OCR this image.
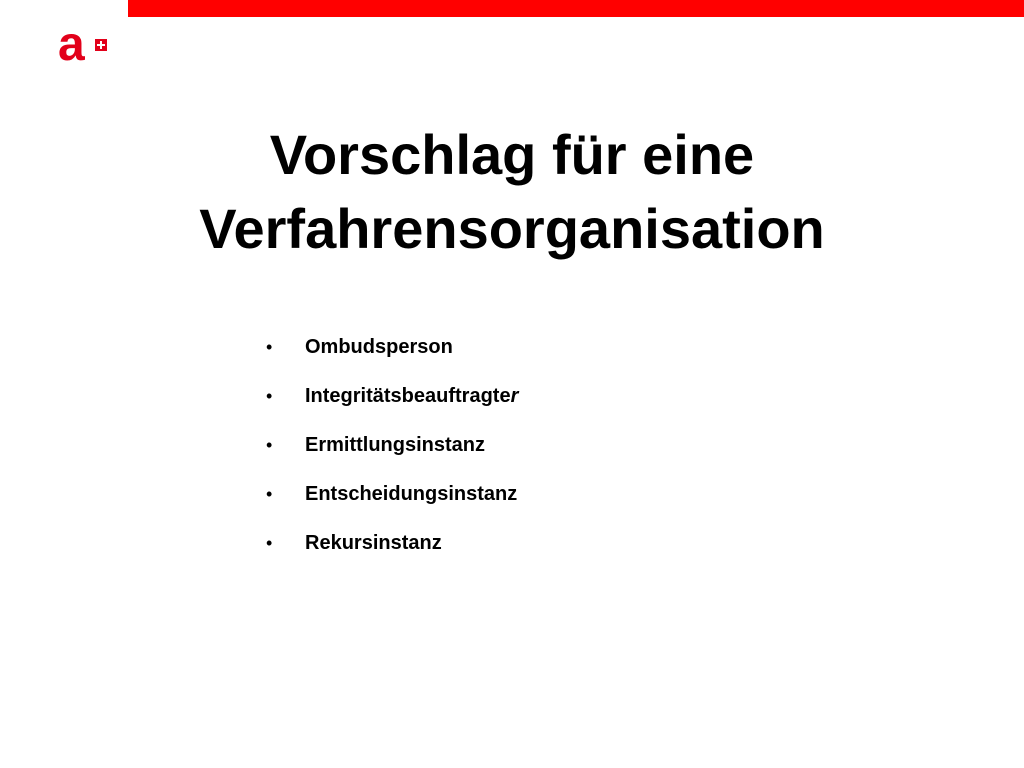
a
Vorschlag für eine
Verfahrensorganisation
• Ombudsperson
• Integritätsbeauftragter
• Ermittlungsinstanz
• Entscheidungsinstanz
• Rekursinstanz
